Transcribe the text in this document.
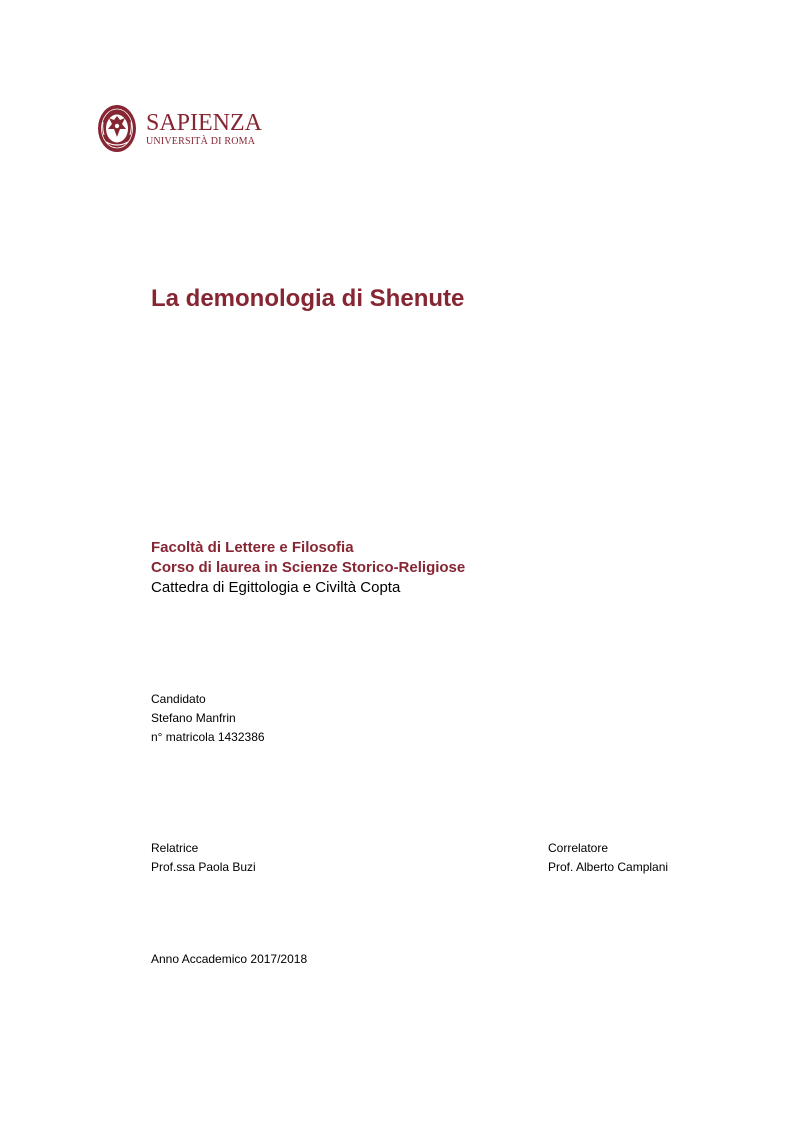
SAPIENZA
UNIVERSITÀ DI ROMA
La demonologia di Shenute
Facoltà di Lettere e Filosofia
Corso di laurea in Scienze Storico-Religiose
Cattedra di Egittologia e Civiltà Copta
Candidato
Stefano Manfrin
n° matricola 1432386
Relatrice
Prof.ssa Paola Buzi
Correlatore
Prof. Alberto Camplani
Anno Accademico 2017/2018
